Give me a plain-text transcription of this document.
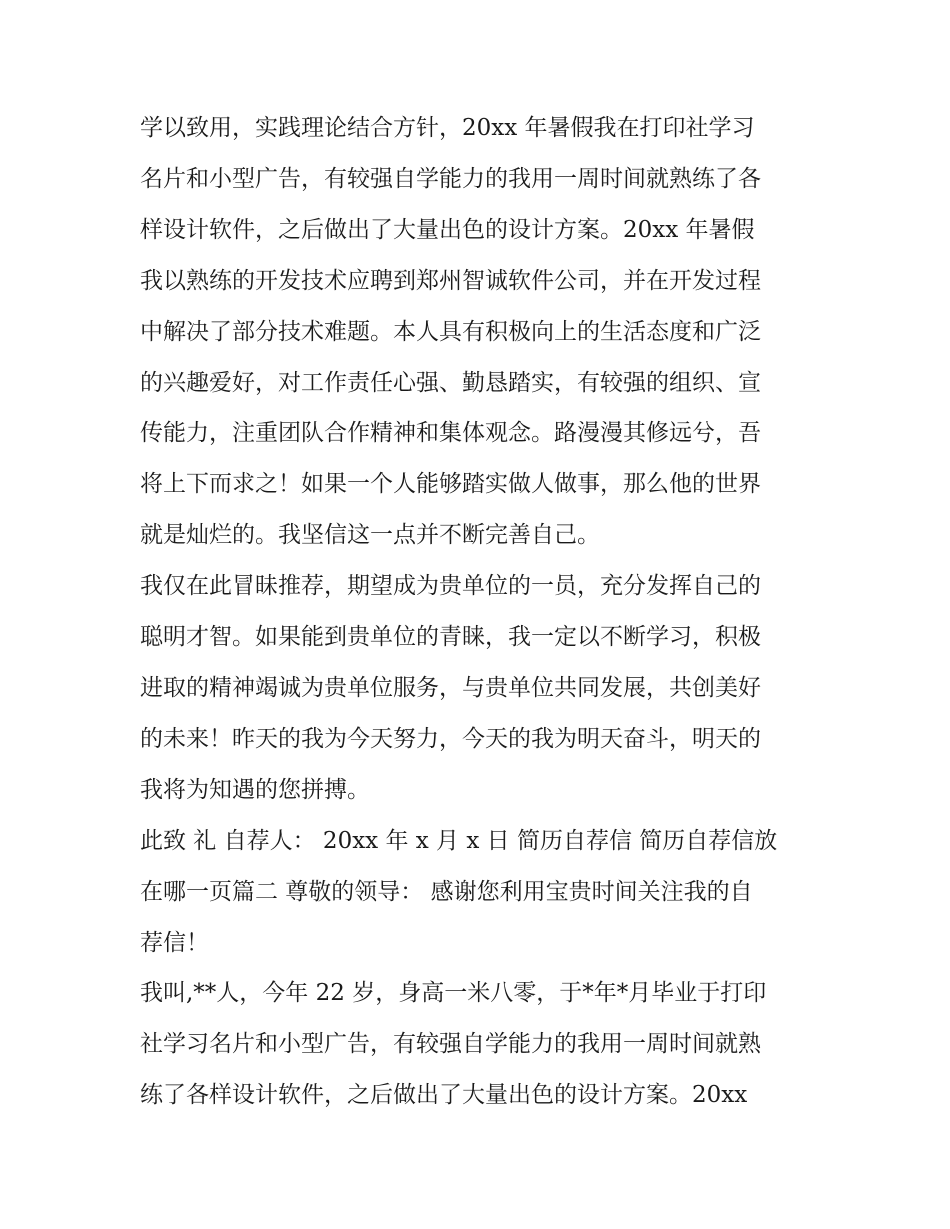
学以致用，实践理论结合方针，20xx 年暑假我在打印社学习
名片和小型广告，有较强自学能力的我用一周时间就熟练了各
样设计软件，之后做出了大量出色的设计方案。20xx 年暑假
我以熟练的开发技术应聘到郑州智诚软件公司，并在开发过程
中解决了部分技术难题。本人具有积极向上的生活态度和广泛
的兴趣爱好，对工作责任心强、勤恳踏实，有较强的组织、宣
传能力，注重团队合作精神和集体观念。路漫漫其修远兮，吾
将上下而求之！如果一个人能够踏实做人做事，那么他的世界
就是灿烂的。我坚信这一点并不断完善自己。

我仅在此冒昧推荐，期望成为贵单位的一员，充分发挥自己的
聪明才智。如果能到贵单位的青睐，我一定以不断学习，积极
进取的精神竭诚为贵单位服务，与贵单位共同发展，共创美好
的未来！昨天的我为今天努力，今天的我为明天奋斗，明天的
我将为知遇的您拼搏。

此致 礼 自荐人： 20xx 年 x 月 x 日 简历自荐信 简历自荐信放
在哪一页篇二 尊敬的领导： 感谢您利用宝贵时间关注我的自
荐信！

我叫,**人，今年 22 岁，身高一米八零，于*年*月毕业于打印
社学习名片和小型广告，有较强自学能力的我用一周时间就熟
练了各样设计软件，之后做出了大量出色的设计方案。20xx
